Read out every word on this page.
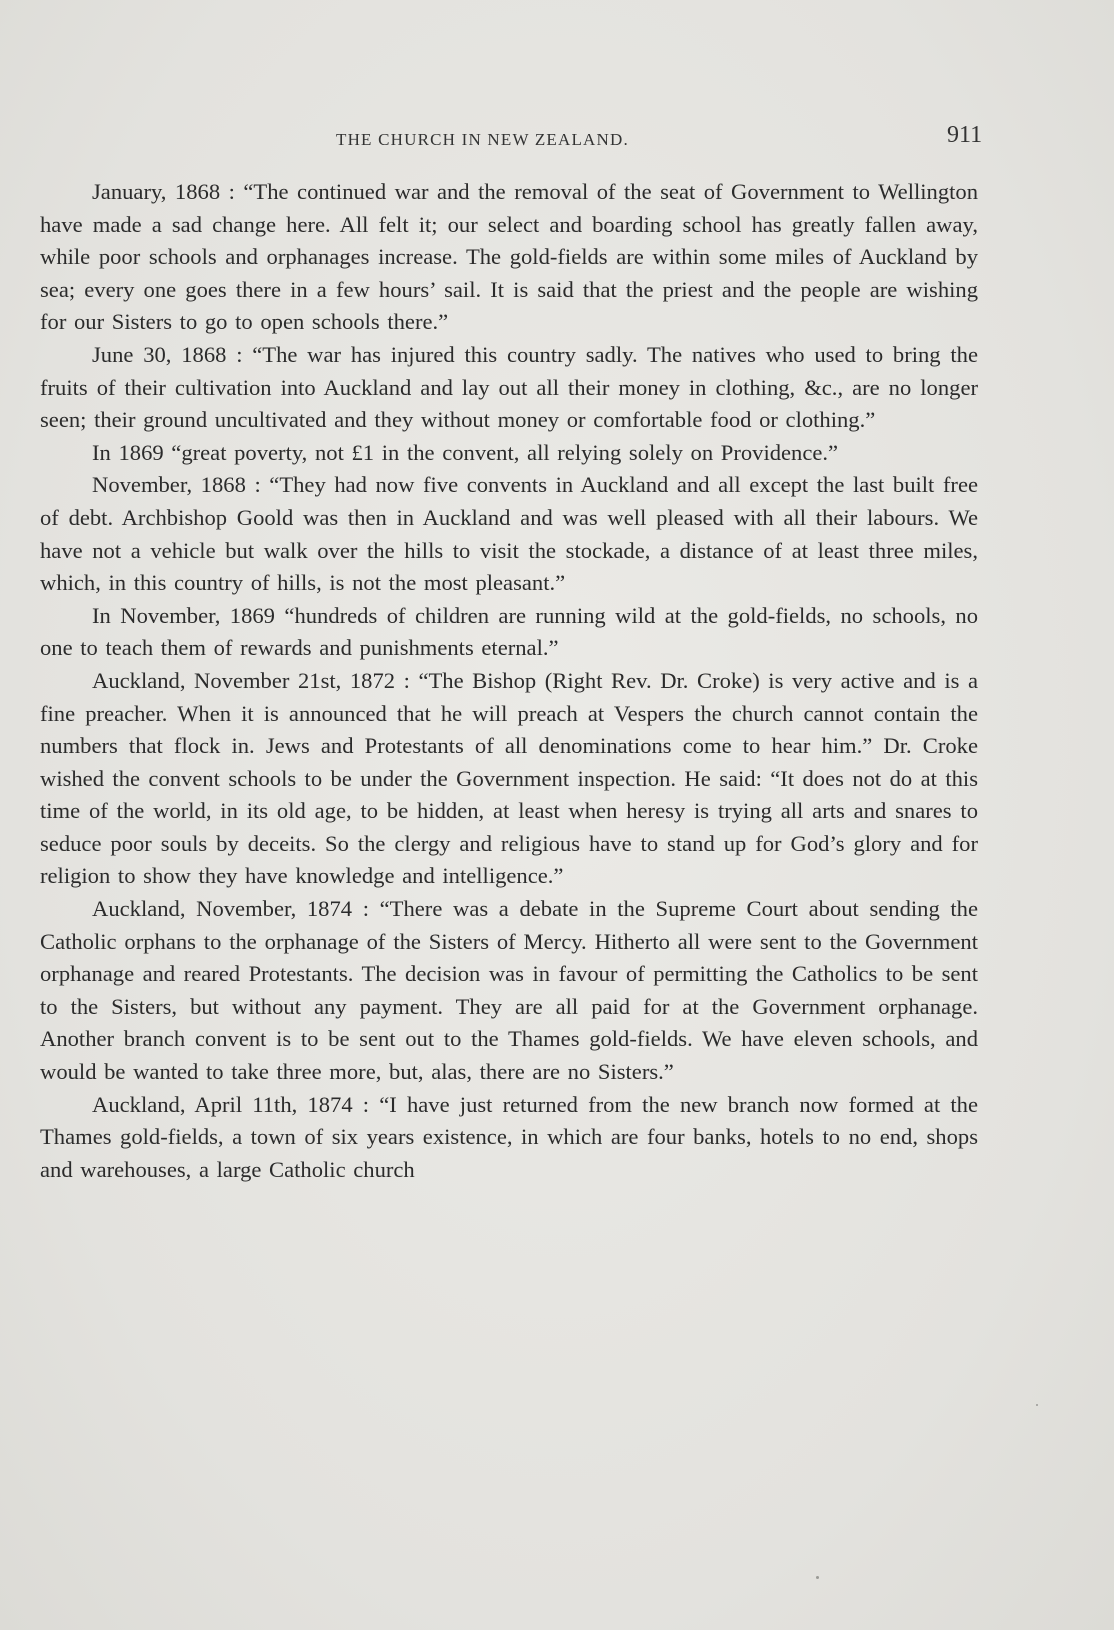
THE CHURCH IN NEW ZEALAND.	911

January, 1868 : “The continued war and the removal of the seat of Government to Wellington have made a sad change here. All felt it; our select and boarding school has greatly fallen away, while poor schools and orphanages increase. The gold-fields are within some miles of Auckland by sea; every one goes there in a few hours’ sail. It is said that the priest and the people are wishing for our Sisters to go to open schools there.”

June 30, 1868 : “The war has injured this country sadly. The natives who used to bring the fruits of their cultivation into Auckland and lay out all their money in clothing, &c., are no longer seen; their ground uncultivated and they without money or comfortable food or clothing.”

In 1869 “great poverty, not £1 in the convent, all relying solely on Providence.”

November, 1868 : “They had now five convents in Auckland and all except the last built free of debt. Archbishop Goold was then in Auckland and was well pleased with all their labours. We have not a vehicle but walk over the hills to visit the stockade, a distance of at least three miles, which, in this country of hills, is not the most pleasant.”

In November, 1869 “hundreds of children are running wild at the gold-fields, no schools, no one to teach them of rewards and punishments eternal.”

Auckland, November 21st, 1872 : “The Bishop (Right Rev. Dr. Croke) is very active and is a fine preacher. When it is announced that he will preach at Vespers the church cannot contain the numbers that flock in. Jews and Protestants of all denominations come to hear him.” Dr. Croke wished the convent schools to be under the Government inspection. He said: “It does not do at this time of the world, in its old age, to be hidden, at least when heresy is trying all arts and snares to seduce poor souls by deceits. So the clergy and religious have to stand up for God’s glory and for religion to show they have knowledge and intelligence.”

Auckland, November, 1874 : “There was a debate in the Supreme Court about sending the Catholic orphans to the orphanage of the Sisters of Mercy. Hitherto all were sent to the Government orphanage and reared Protestants. The decision was in favour of permitting the Catholics to be sent to the Sisters, but without any payment. They are all paid for at the Government orphanage. Another branch convent is to be sent out to the Thames gold-fields. We have eleven schools, and would be wanted to take three more, but, alas, there are no Sisters.”

Auckland, April 11th, 1874 : “I have just returned from the new branch now formed at the Thames gold-fields, a town of six years existence, in which are four banks, hotels to no end, shops and warehouses, a large Catholic church
